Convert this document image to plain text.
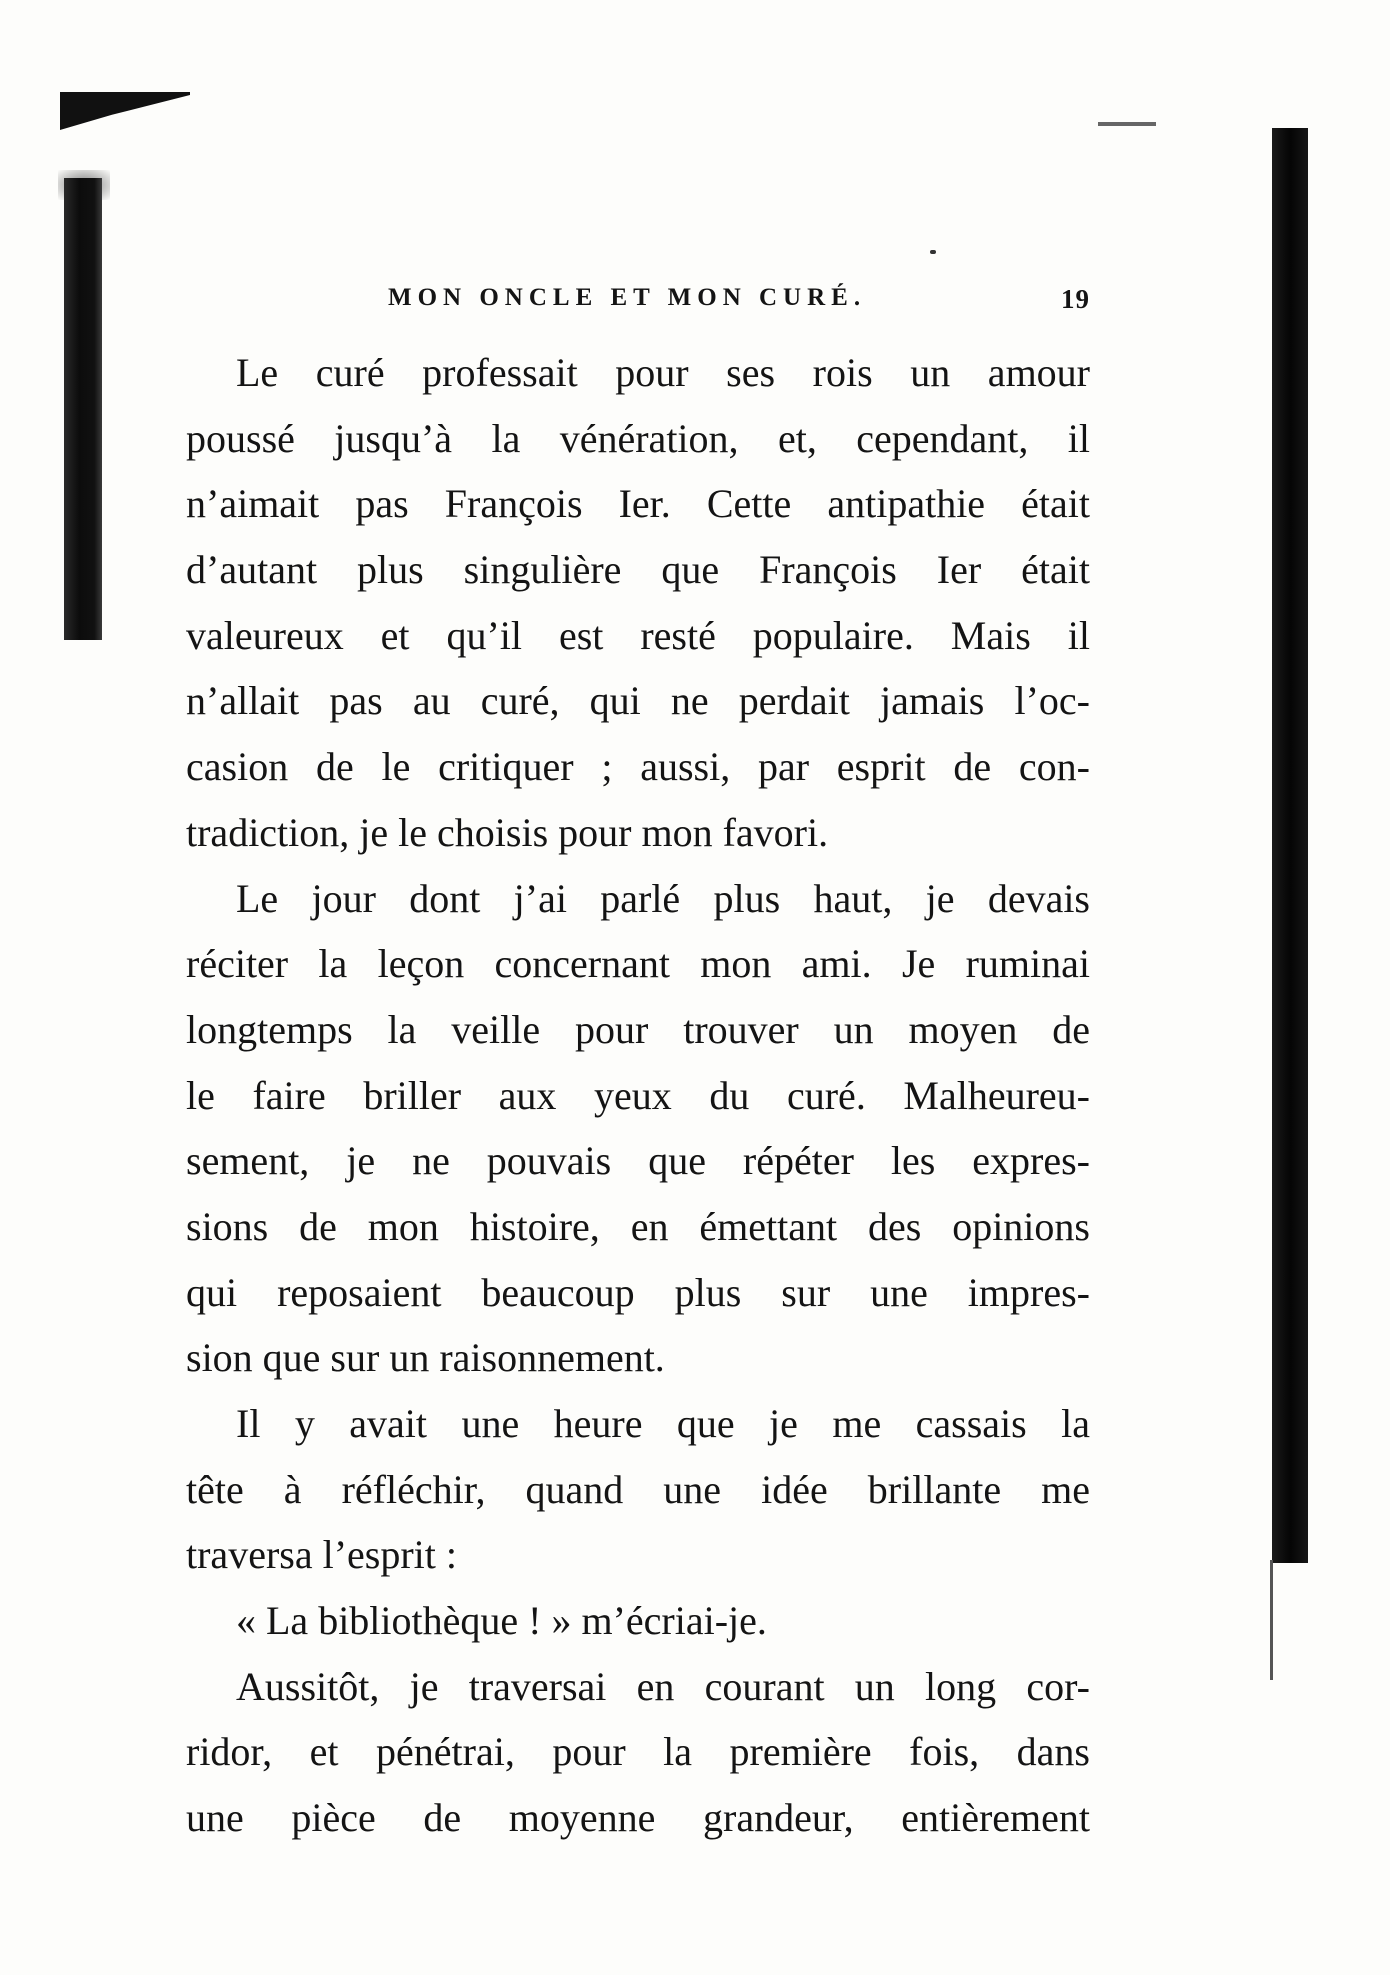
MON ONCLE ET MON CURÉ.	19
Le curé professait pour ses rois un amour
poussé jusqu’à la vénération, et, cependant, il
n’aimait pas François Ier. Cette antipathie était
d’autant plus singulière que François Ier était
valeureux et qu’il est resté populaire. Mais il
n’allait pas au curé, qui ne perdait jamais l’oc-
casion de le critiquer ; aussi, par esprit de con-
tradiction, je le choisis pour mon favori.
Le jour dont j’ai parlé plus haut, je devais
réciter la leçon concernant mon ami. Je ruminai
longtemps la veille pour trouver un moyen de
le faire briller aux yeux du curé. Malheureu-
sement, je ne pouvais que répéter les expres-
sions de mon histoire, en émettant des opinions
qui reposaient beaucoup plus sur une impres-
sion que sur un raisonnement.
Il y avait une heure que je me cassais la
tête à réfléchir, quand une idée brillante me
traversa l’esprit :
« La bibliothèque ! » m’écriai-je.
Aussitôt, je traversai en courant un long cor-
ridor, et pénétrai, pour la première fois, dans
une pièce de moyenne grandeur, entièrement
